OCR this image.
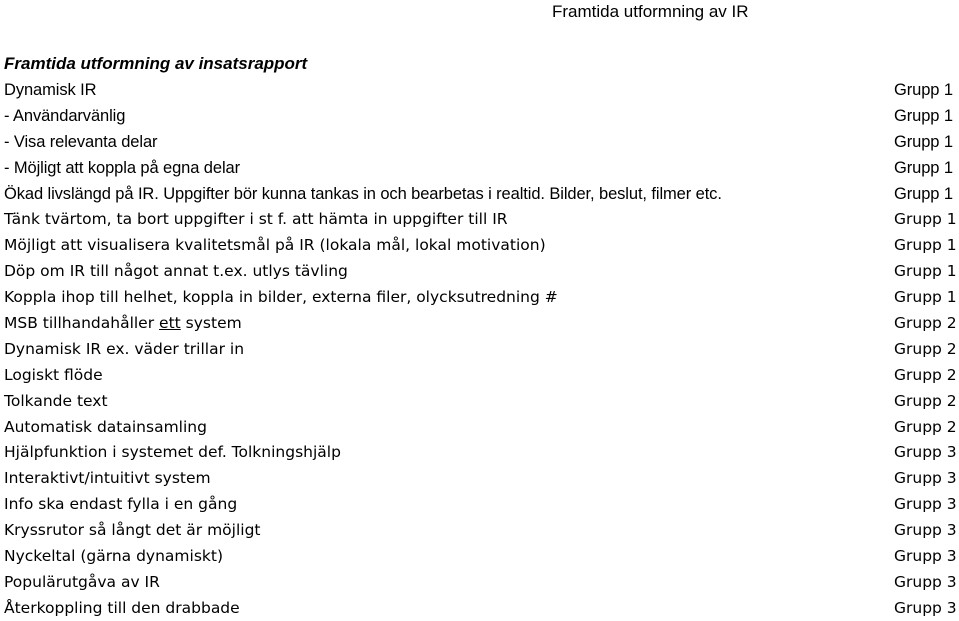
Framtida utformning av IR
Framtida utformning av insatsrapport
Dynamisk IR	Grupp 1
- Användarvänlig	Grupp 1
- Visa relevanta delar	Grupp 1
- Möjligt att koppla på egna delar	Grupp 1
Ökad livslängd på IR. Uppgifter bör kunna tankas in och bearbetas i realtid. Bilder, beslut, filmer etc.	Grupp 1
Tänk tvärtom, ta bort uppgifter i st f. att hämta in uppgifter till IR	Grupp 1
Möjligt att visualisera kvalitetsmål på IR (lokala mål, lokal motivation)	Grupp 1
Döp om IR till något annat t.ex. utlys tävling	Grupp 1
Koppla ihop till helhet, koppla in bilder, externa filer, olycksutredning #	Grupp 1
MSB tillhandahåller ett system	Grupp 2
Dynamisk IR ex. väder trillar in	Grupp 2
Logiskt flöde	Grupp 2
Tolkande text	Grupp 2
Automatisk datainsamling	Grupp 2
Hjälpfunktion i systemet def. Tolkningshjälp	Grupp 3
Interaktivt/intuitivt system	Grupp 3
Info ska endast fylla i en gång	Grupp 3
Kryssrutor så långt det är möjligt	Grupp 3
Nyckeltal (gärna dynamiskt)	Grupp 3
Populärutgåva av IR	Grupp 3
Återkoppling till den drabbade	Grupp 3
